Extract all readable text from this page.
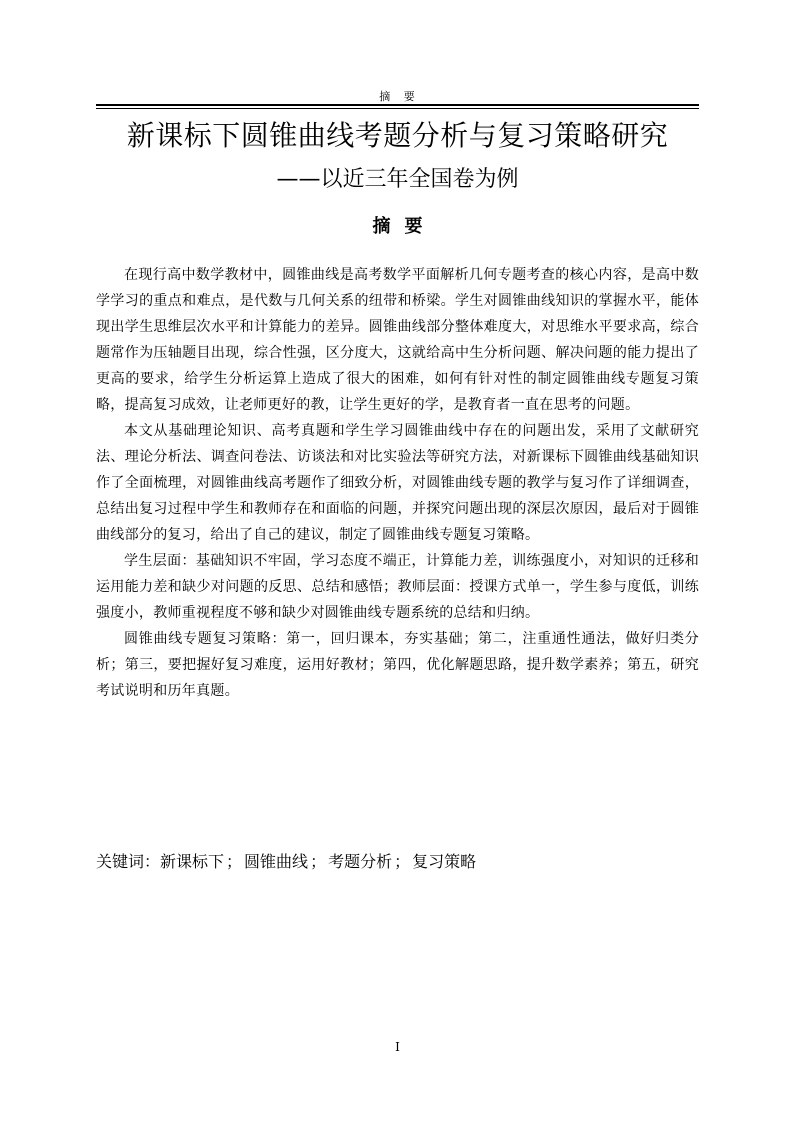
摘 要
新课标下圆锥曲线考题分析与复习策略研究
——以近三年全国卷为例
摘要

在现行高中数学教材中，圆锥曲线是高考数学平面解析几何专题考查的核心内容，是高中数学学习的重点和难点，是代数与几何关系的纽带和桥梁。学生对圆锥曲线知识的掌握水平，能体现出学生思维层次水平和计算能力的差异。圆锥曲线部分整体难度大，对思维水平要求高，综合题常作为压轴题目出现，综合性强，区分度大，这就给高中生分析问题、解决问题的能力提出了更高的要求，给学生分析运算上造成了很大的困难，如何有针对性的制定圆锥曲线专题复习策略，提高复习成效，让老师更好的教，让学生更好的学，是教育者一直在思考的问题。

本文从基础理论知识、高考真题和学生学习圆锥曲线中存在的问题出发，采用了文献研究法、理论分析法、调查问卷法、访谈法和对比实验法等研究方法，对新课标下圆锥曲线基础知识作了全面梳理，对圆锥曲线高考题作了细致分析，对圆锥曲线专题的教学与复习作了详细调查，总结出复习过程中学生和教师存在和面临的问题，并探究问题出现的深层次原因，最后对于圆锥曲线部分的复习，给出了自己的建议，制定了圆锥曲线专题复习策略。

学生层面：基础知识不牢固，学习态度不端正，计算能力差，训练强度小，对知识的迁移和运用能力差和缺少对问题的反思、总结和感悟；教师层面：授课方式单一，学生参与度低，训练强度小，教师重视程度不够和缺少对圆锥曲线专题系统的总结和归纳。

圆锥曲线专题复习策略：第一，回归课本，夯实基础；第二，注重通性通法，做好归类分析；第三，要把握好复习难度，运用好教材；第四，优化解题思路，提升数学素养；第五，研究考试说明和历年真题。

关键词：新课标下 ； 圆锥曲线 ； 考题分析 ； 复习策略
I
